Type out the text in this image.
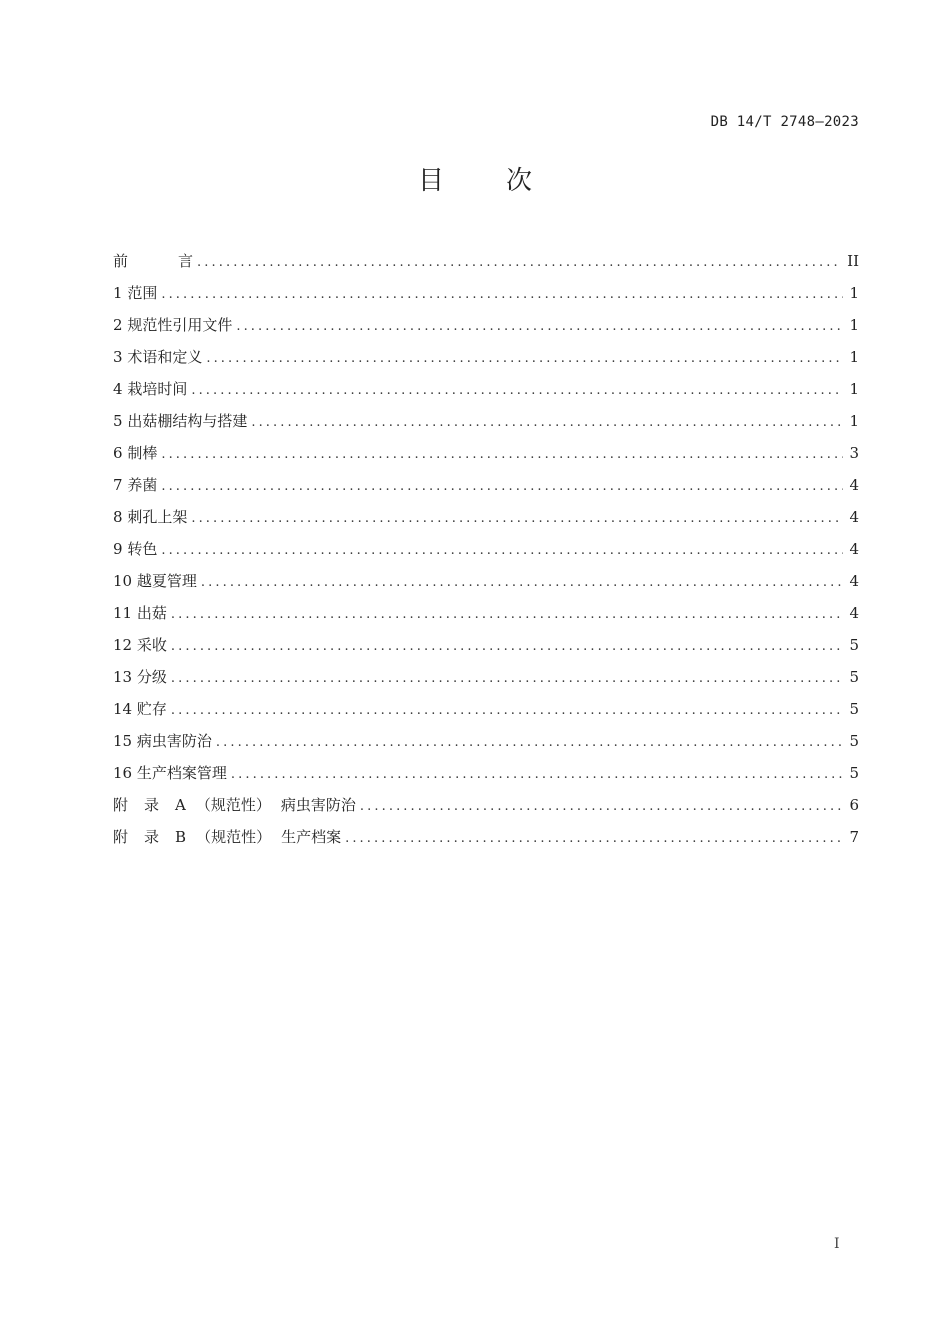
DB 14/T 2748—2023
目 次
前	言 .....	II
1 范围 .....	1
2 规范性引用文件 .....	1
3 术语和定义 .....	1
4 栽培时间 .....	1
5 出菇棚结构与搭建 .....	1
6 制棒 .....	3
7 养菌 .....	4
8 刺孔上架 .....	4
9 转色 .....	4
10 越夏管理 .....	4
11 出菇 .....	4
12 采收 .....	5
13 分级 .....	5
14 贮存 .....	5
15 病虫害防治 .....	5
16 生产档案管理 .....	5
附 录 A （规范性） 病虫害防治 .....	6
附 录 B （规范性） 生产档案 .....	7
I
